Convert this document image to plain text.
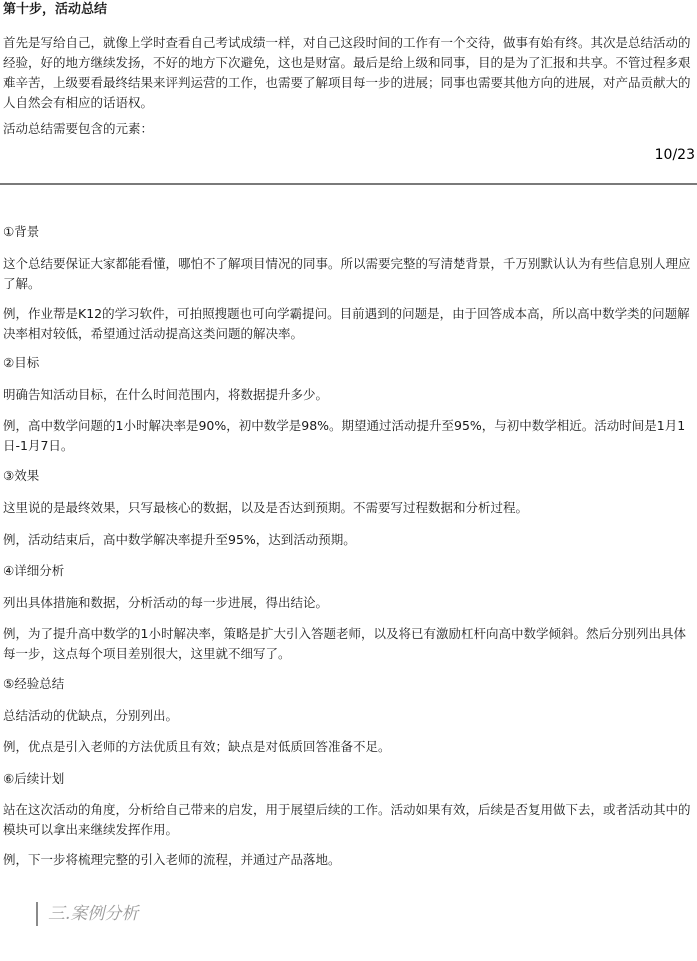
第十步，活动总结

首先是写给自己，就像上学时查看自己考试成绩一样，对自己这段时间的工作有一个交待，做事有始有终。其次是总结活动的经验，好的地方继续发扬，不好的地方下次避免，这也是财富。最后是给上级和同事，目的是为了汇报和共享。不管过程多艰难辛苦，上级要看最终结果来评判运营的工作，也需要了解项目每一步的进展；同事也需要其他方向的进展，对产品贡献大的人自然会有相应的话语权。

活动总结需要包含的元素：

10/23

①背景

这个总结要保证大家都能看懂，哪怕不了解项目情况的同事。所以需要完整的写清楚背景，千万别默认认为有些信息别人理应了解。

例，作业帮是K12的学习软件，可拍照搜题也可向学霸提问。目前遇到的问题是，由于回答成本高，所以高中数学类的问题解决率相对较低，希望通过活动提高这类问题的解决率。

②目标

明确告知活动目标，在什么时间范围内，将数据提升多少。

例，高中数学问题的1小时解决率是90%，初中数学是98%。期望通过活动提升至95%，与初中数学相近。活动时间是1月1日-1月7日。

③效果

这里说的是最终效果，只写最核心的数据，以及是否达到预期。不需要写过程数据和分析过程。

例，活动结束后，高中数学解决率提升至95%，达到活动预期。

④详细分析

列出具体措施和数据，分析活动的每一步进展，得出结论。

例，为了提升高中数学的1小时解决率，策略是扩大引入答题老师，以及将已有激励杠杆向高中数学倾斜。然后分别列出具体每一步，这点每个项目差别很大，这里就不细写了。

⑤经验总结

总结活动的优缺点，分别列出。

例，优点是引入老师的方法优质且有效；缺点是对低质回答准备不足。

⑥后续计划

站在这次活动的角度，分析给自己带来的启发，用于展望后续的工作。活动如果有效，后续是否复用做下去，或者活动其中的模块可以拿出来继续发挥作用。

例，下一步将梳理完整的引入老师的流程，并通过产品落地。

三.案例分析
